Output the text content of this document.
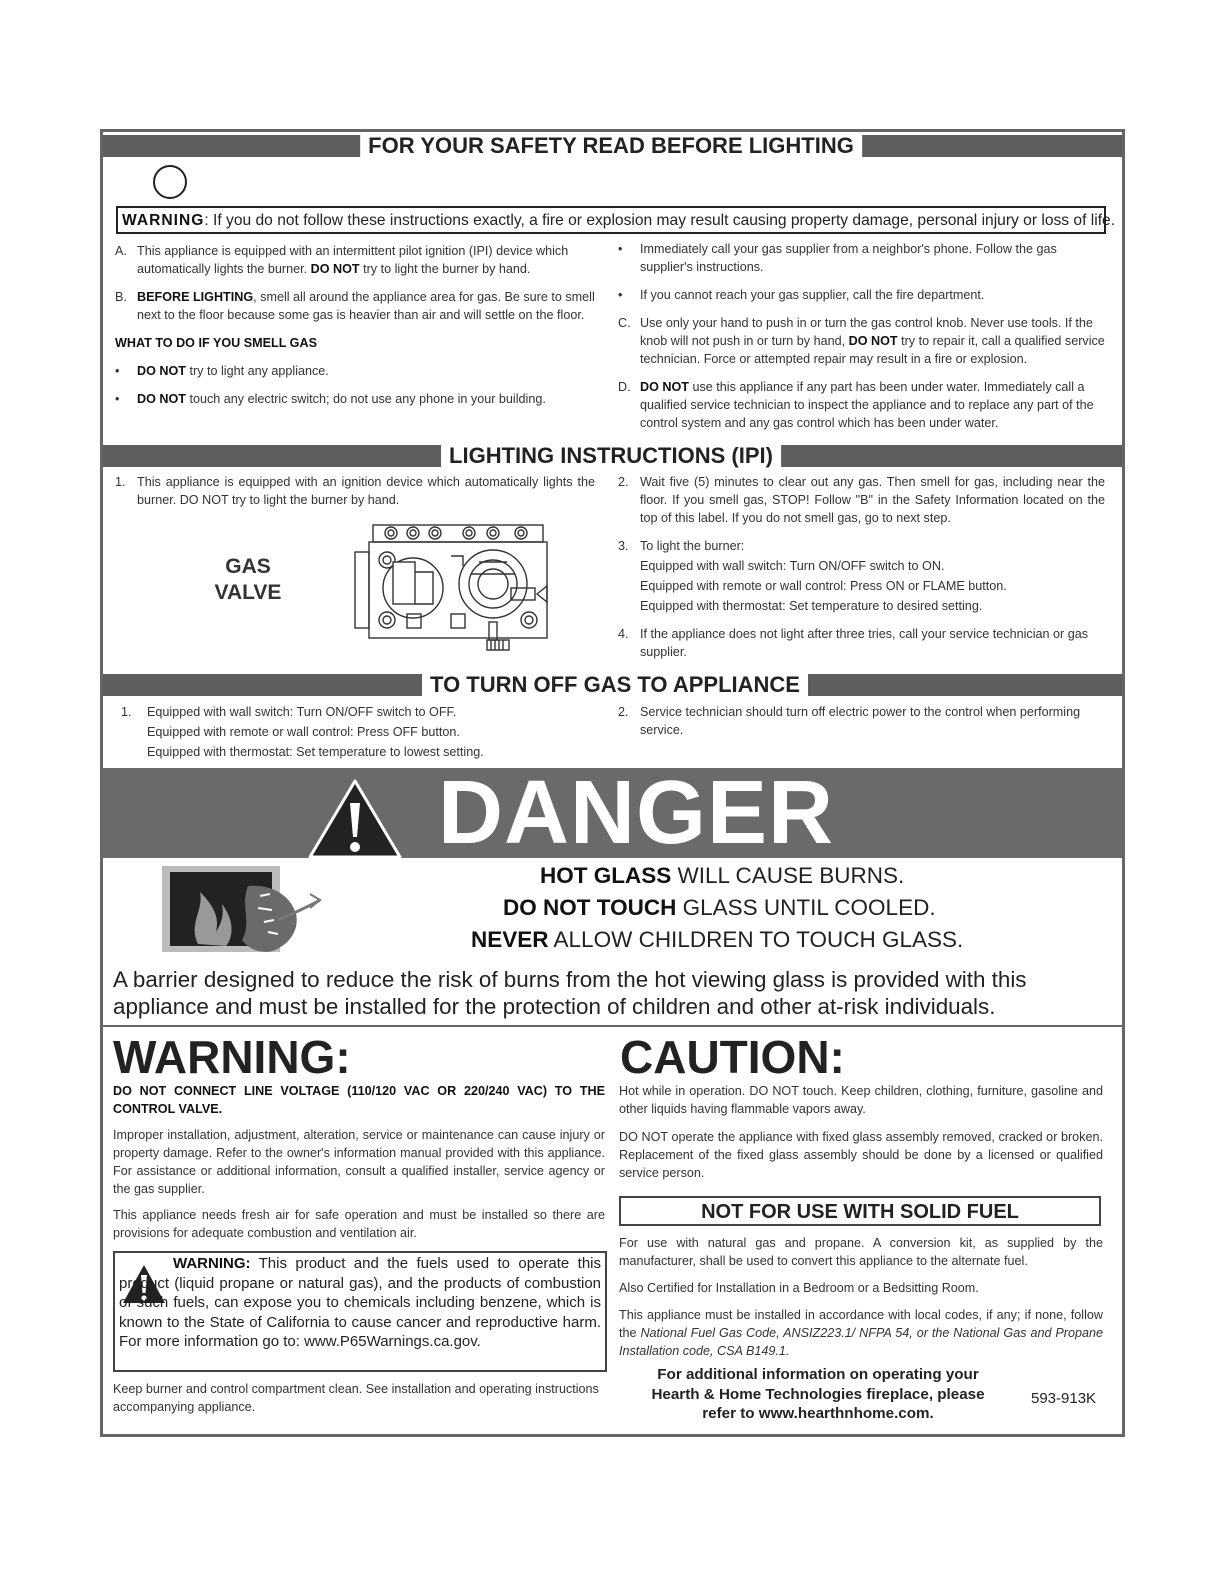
FOR YOUR SAFETY READ BEFORE LIGHTING
WARNING: If you do not follow these instructions exactly, a fire or explosion may result causing property damage, personal injury or loss of life.
A. This appliance is equipped with an intermittent pilot ignition (IPI) device which automatically lights the burner. DO NOT try to light the burner by hand.
B. BEFORE LIGHTING, smell all around the appliance area for gas. Be sure to smell next to the floor because some gas is heavier than air and will settle on the floor.

WHAT TO DO IF YOU SMELL GAS

• DO NOT try to light any appliance.
• DO NOT touch any electric switch; do not use any phone in your building.
• Immediately call your gas supplier from a neighbor's phone. Follow the gas supplier's instructions.
• If you cannot reach your gas supplier, call the fire department.
C. Use only your hand to push in or turn the gas control knob. Never use tools. If the knob will not push in or turn by hand, DO NOT try to repair it, call a qualified service technician. Force or attempted repair may result in a fire or explosion.
D. DO NOT use this appliance if any part has been under water. Immediately call a qualified service technician to inspect the appliance and to replace any part of the control system and any gas control which has been under water.
LIGHTING INSTRUCTIONS (IPI)
1. This appliance is equipped with an ignition device which automatically lights the burner. DO NOT try to light the burner by hand.
GAS
VALVE
2. Wait five (5) minutes to clear out any gas. Then smell for gas, including near the floor. If you smell gas, STOP! Follow "B" in the Safety Information located on the top of this label. If you do not smell gas, go to next step.
3. To light the burner:

Equipped with wall switch: Turn ON/OFF switch to ON.

Equipped with remote or wall control: Press ON or FLAME button.

Equipped with thermostat: Set temperature to desired setting.

4. If the appliance does not light after three tries, call your service technician or gas supplier.
TO TURN OFF GAS TO APPLIANCE
1. Equipped with wall switch: Turn ON/OFF switch to OFF.

Equipped with remote or wall control: Press OFF button.

Equipped with thermostat: Set temperature to lowest setting.

2. Service technician should turn off electric power to the control when performing service.
DANGER
HOT GLASS WILL CAUSE BURNS.
DO NOT TOUCH GLASS UNTIL COOLED.
NEVER ALLOW CHILDREN TO TOUCH GLASS.
A barrier designed to reduce the risk of burns from the hot viewing glass is provided with this appliance and must be installed for the protection of children and other at-risk individuals.
WARNING:

DO NOT CONNECT LINE VOLTAGE (110/120 VAC OR 220/240 VAC) TO THE CONTROL VALVE.

Improper installation, adjustment, alteration, service or maintenance can cause injury or property damage. Refer to the owner's information manual provided with this appliance. For assistance or additional information, consult a qualified installer, service agency or the gas supplier.

This appliance needs fresh air for safe operation and must be installed so there are provisions for adequate combustion and ventilation air.

WARNING: This product and the fuels used to operate this product (liquid propane or natural gas), and the products of combustion of such fuels, can expose you to chemicals including benzene, which is known to the State of California to cause cancer and reproductive harm. For more information go to: www.P65Warnings.ca.gov.
Keep burner and control compartment clean. See installation and operating instructions accompanying appliance.
CAUTION:

Hot while in operation. DO NOT touch. Keep children, clothing, furniture, gasoline and other liquids having flammable vapors away.

DO NOT operate the appliance with fixed glass assembly removed, cracked or broken. Replacement of the fixed glass assembly should be done by a licensed or qualified service person.

NOT FOR USE WITH SOLID FUEL

For use with natural gas and propane. A conversion kit, as supplied by the manufacturer, shall be used to convert this appliance to the alternate fuel.

Also Certified for Installation in a Bedroom or a Bedsitting Room.

This appliance must be installed in accordance with local codes, if any; if none, follow the National Fuel Gas Code, ANSIZ223.1/ NFPA 54, or the National Gas and Propane Installation code, CSA B149.1.

For additional information on operating your Hearth & Home Technologies fireplace, please refer to www.hearthnhome.com.
593-913K
